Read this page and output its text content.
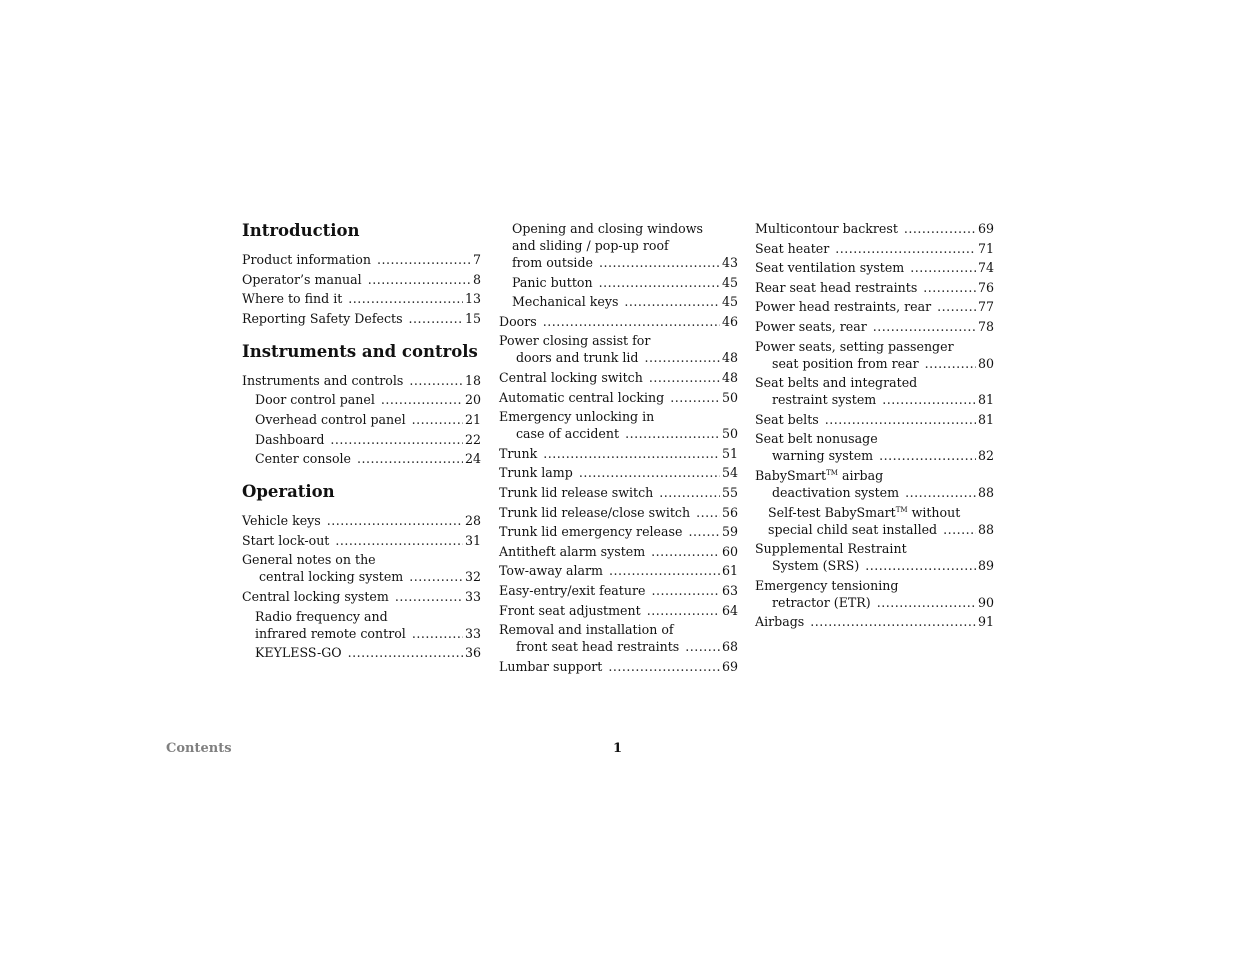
Introduction
Product information .....	7
Operator’s manual .....	8
Where to find it .....	13
Reporting Safety Defects .....	15
Instruments and controls
Instruments and controls .....	18
Door control panel .....	20
Overhead control panel .....	21
Dashboard .....	22
Center console .....	24
Operation
Vehicle keys .....	28
Start lock-out .....	31
General notes on the
central locking system .....	32
Central locking system .....	33
Radio frequency and
infrared remote control .....	33
KEYLESS-GO .....	36
Opening and closing windows
and sliding / pop-up roof
from outside .....	43
Panic button .....	45
Mechanical keys .....	45
Doors .....	46
Power closing assist for
doors and trunk lid .....	48
Central locking switch .....	48
Automatic central locking .....	50
Emergency unlocking in
case of accident .....	50
Trunk .....	51
Trunk lamp .....	54
Trunk lid release switch .....	55
Trunk lid release/close switch .....	56
Trunk lid emergency release .....	59
Antitheft alarm system .....	60
Tow-away alarm .....	61
Easy-entry/exit feature .....	63
Front seat adjustment .....	64
Removal and installation of
front seat head restraints .....	68
Lumbar support .....	69
Multicontour backrest .....	69
Seat heater .....	71
Seat ventilation system .....	74
Rear seat head restraints .....	76
Power head restraints, rear .....	77
Power seats, rear .....	78
Power seats, setting passenger
seat position from rear .....	80
Seat belts and integrated
restraint system .....	81
Seat belts .....	81
Seat belt nonusage
warning system .....	82
BabySmart™ airbag
deactivation system .....	88
Self-test BabySmart™ without
special child seat installed .....	88
Supplemental Restraint
System (SRS) .....	89
Emergency tensioning
retractor (ETR) .....	90
Airbags .....	91
Contents	1
